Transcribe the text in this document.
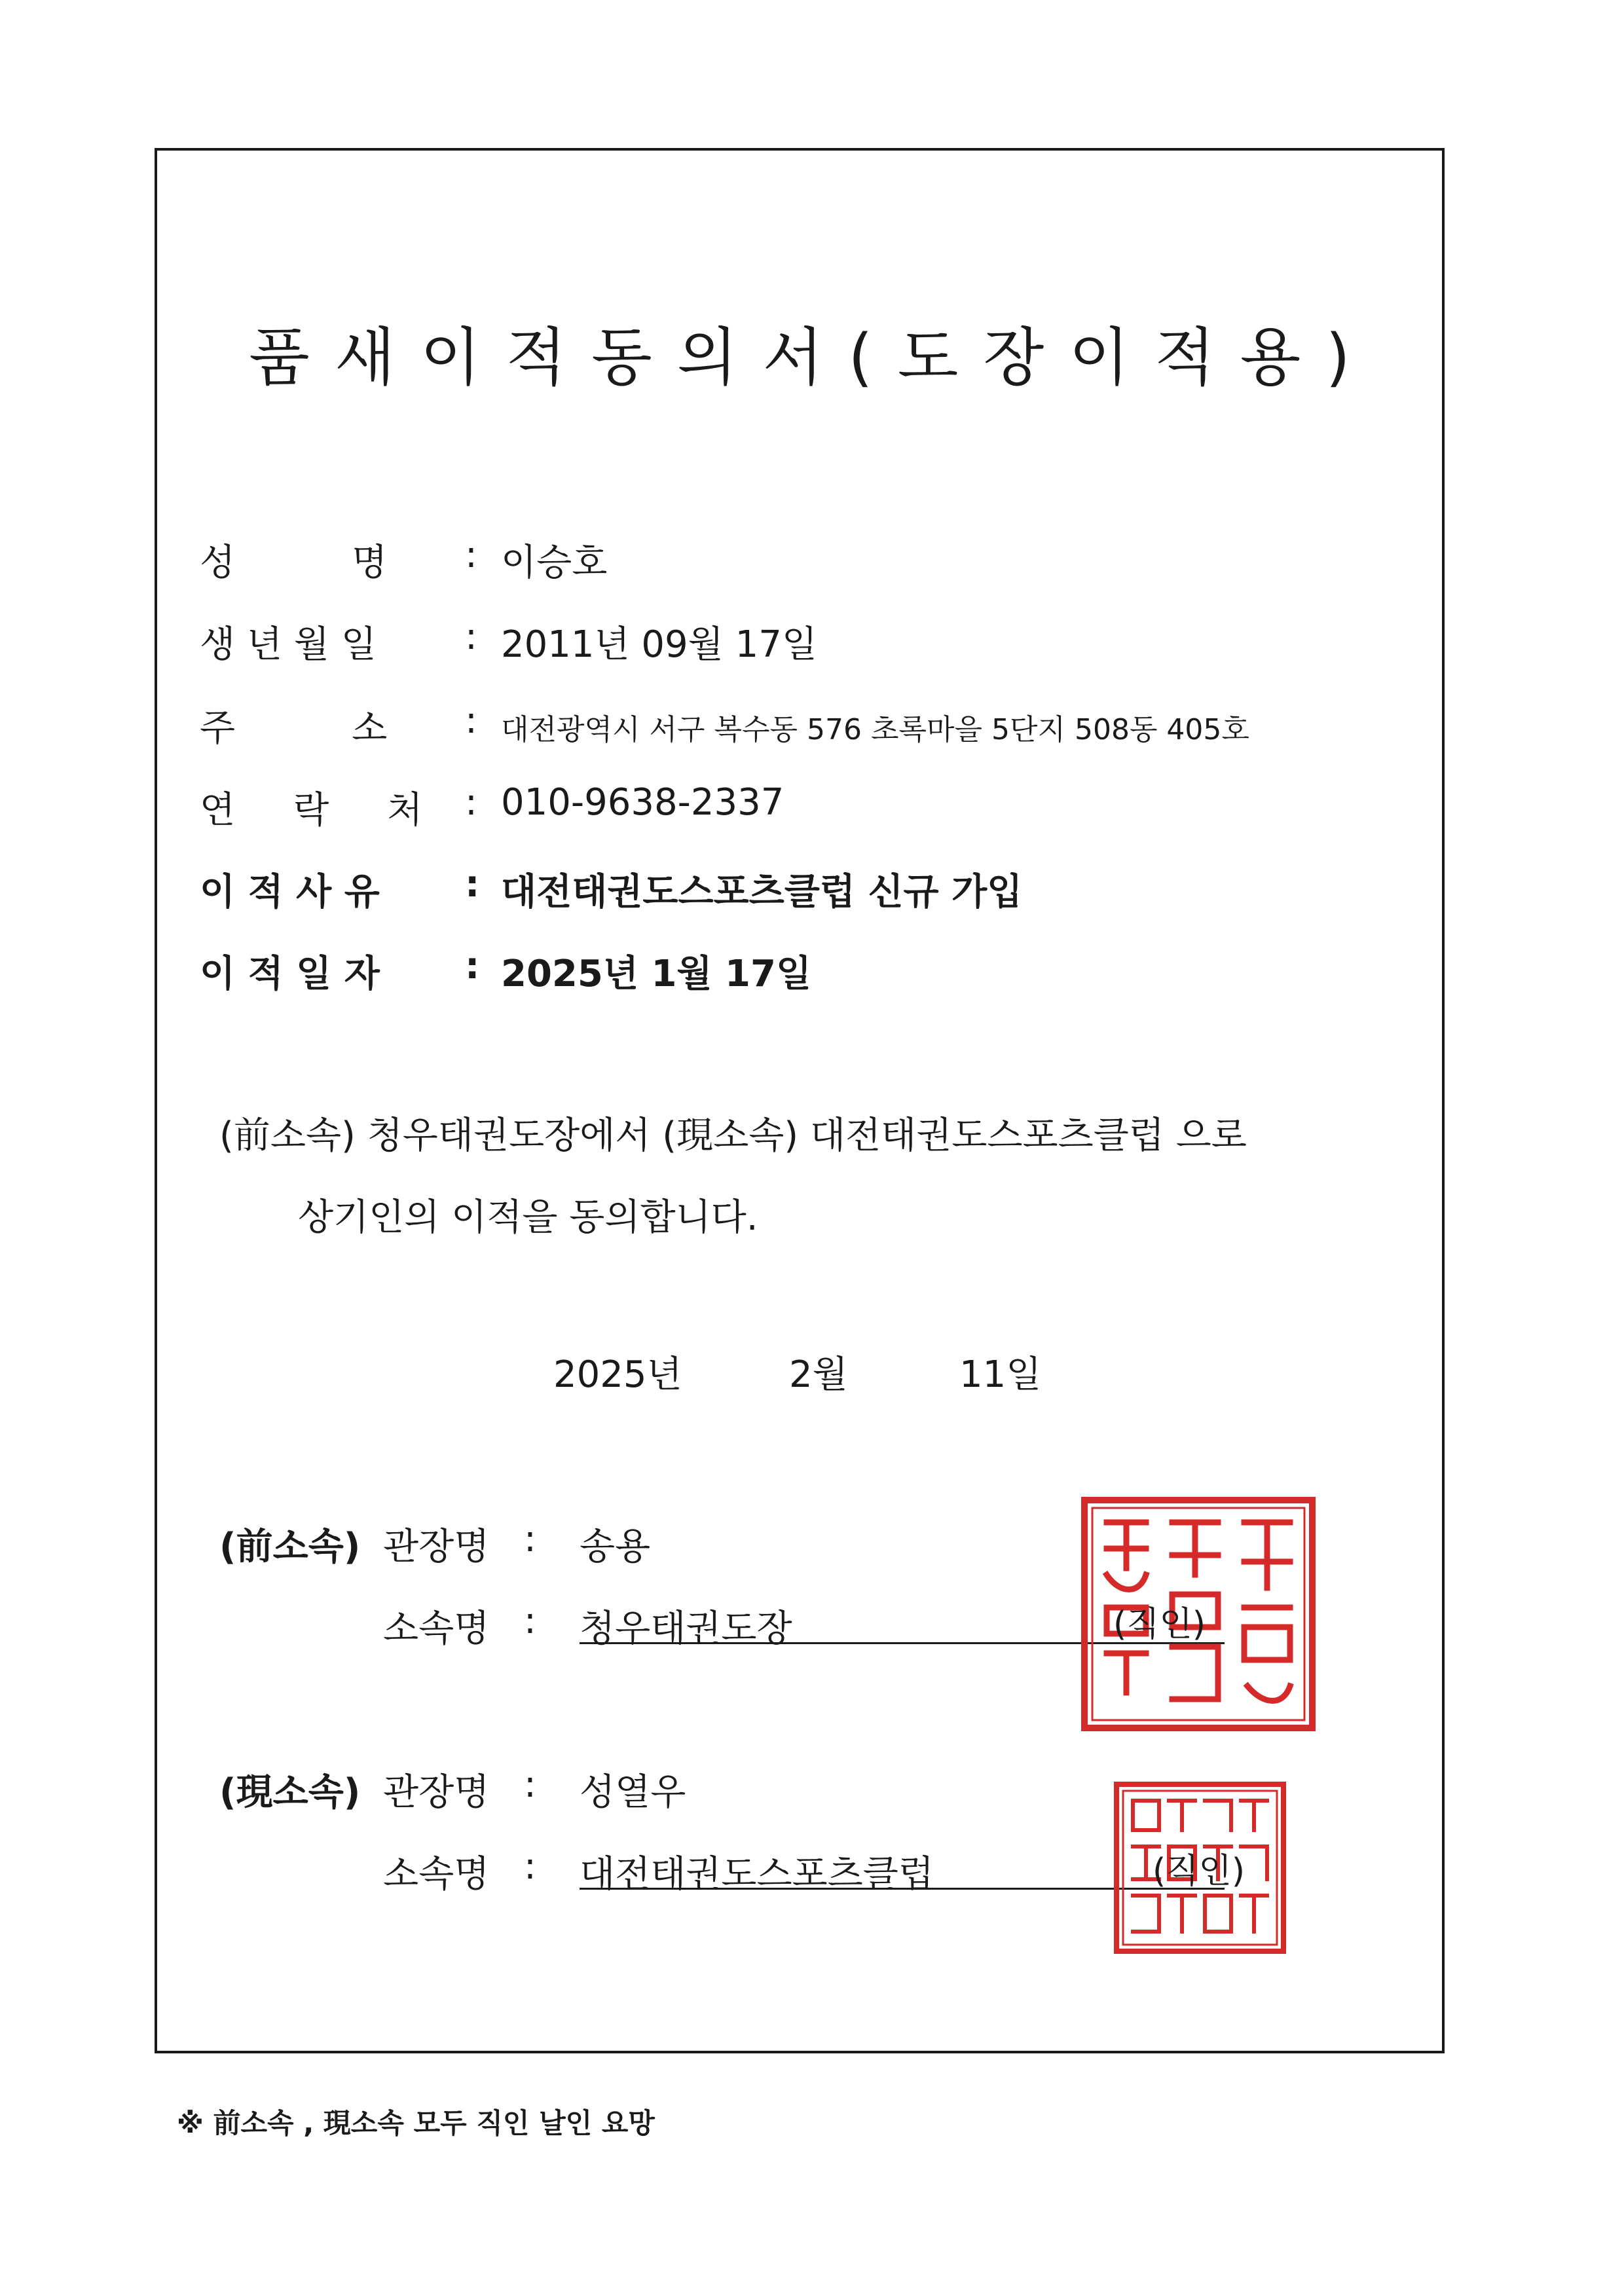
품새이적동의서(도장이적용)
성          명 : 이승호
생 년 월 일 : 2011년 09월 17일
주          소 : 대전광역시 서구 복수동 576 초록마을 5단지 508동 405호
연     락     처 : 010-9638-2337
이 적 사 유 : 대전태권도스포츠클럽 신규 가입
이 적 일 자 : 2025년 1월 17일
(前소속) 청우태권도장에서 (現소속) 대전태권도스포츠클럽 으로
상기인의 이적을 동의합니다.
2025년	2월	11일
(前소속) 관장명 : 송용
소속명 : 청우태권도장	(직인)
(現소속) 관장명 : 성열우
소속명 : 대전태권도스포츠클럽	(직인)
※ 前소속 , 現소속 모두 직인 날인 요망
